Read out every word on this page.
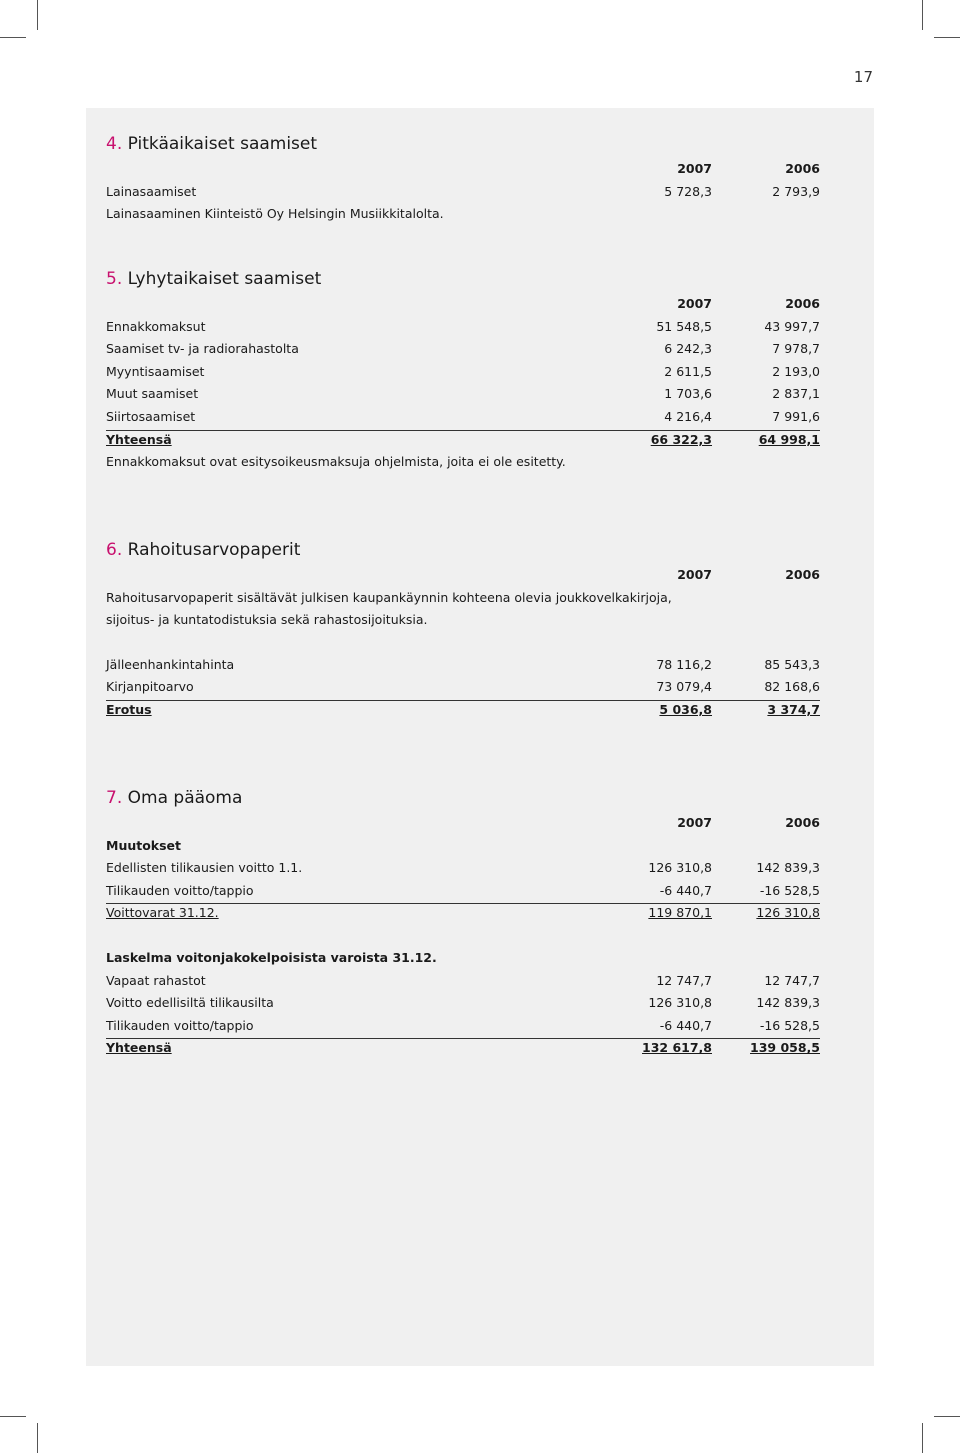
17
4. Pitkäaikaiset saamiset
2007	2006
Lainasaamiset	5 728,3	2 793,9
Lainasaaminen Kiinteistö Oy Helsingin Musiikkitalolta.
5. Lyhytaikaiset saamiset
2007	2006
Ennakkomaksut	51 548,5	43 997,7
Saamiset tv- ja radiorahastolta	6 242,3	7 978,7
Myyntisaamiset	2 611,5	2 193,0
Muut saamiset	1 703,6	2 837,1
Siirtosaamiset	4 216,4	7 991,6
Yhteensä	66 322,3	64 998,1
Ennakkomaksut ovat esitysoikeusmaksuja ohjelmista, joita ei ole esitetty.
6. Rahoitusarvopaperit
2007	2006
Rahoitusarvopaperit sisältävät julkisen kaupankäynnin kohteena olevia joukkovelkakirjoja,
sijoitus- ja kuntatodistuksia sekä rahastosijoituksia.
Jälleenhankintahinta	78 116,2	85 543,3
Kirjanpitoarvo	73 079,4	82 168,6
Erotus	5 036,8	3 374,7
7. Oma pääoma
2007	2006
Muutokset
Edellisten tilikausien voitto 1.1.	126 310,8	142 839,3
Tilikauden voitto/tappio	-6 440,7	-16 528,5
Voittovarat 31.12.	119 870,1	126 310,8
Laskelma voitonjakokelpoisista varoista 31.12.
Vapaat rahastot	12 747,7	12 747,7
Voitto edellisiltä tilikausilta	126 310,8	142 839,3
Tilikauden voitto/tappio	-6 440,7	-16 528,5
Yhteensä	132 617,8	139 058,5
